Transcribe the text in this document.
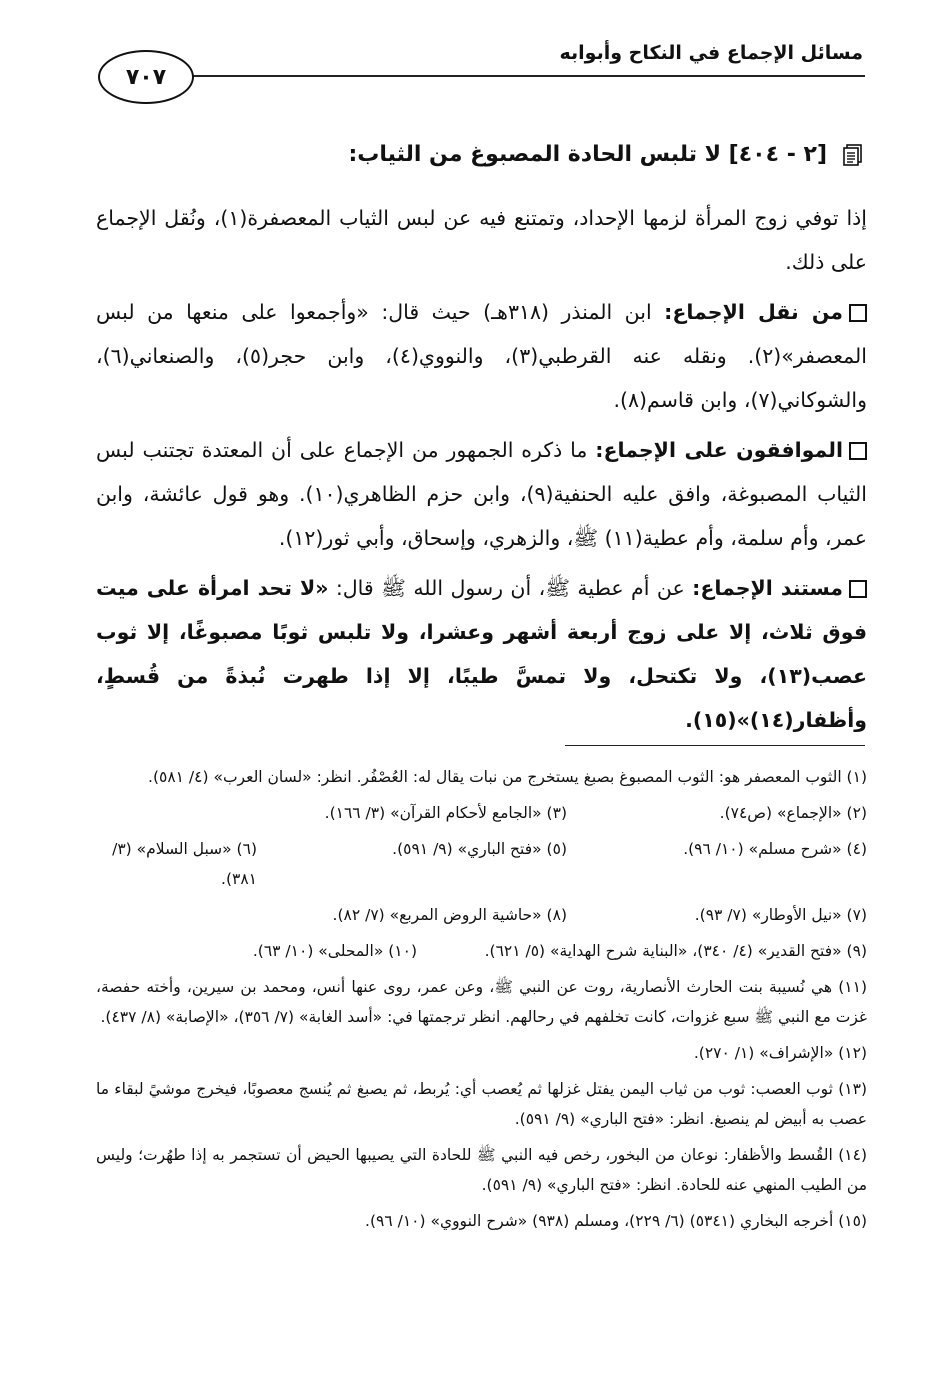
مسائل الإجماع في النكاح وأبوابه
٧٠٧
[٢ - ٤٠٤] لا تلبس الحادة المصبوغ من الثياب:

إذا توفي زوج المرأة لزمها الإحداد، وتمتنع فيه عن لبس الثياب المعصفرة(١)، ونُقل الإجماع على ذلك.

من نقل الإجماع: ابن المنذر (٣١٨هـ) حيث قال: «وأجمعوا على منعها من لبس المعصفر»(٢). ونقله عنه القرطبي(٣)، والنووي(٤)، وابن حجر(٥)، والصنعاني(٦)، والشوكاني(٧)، وابن قاسم(٨).

الموافقون على الإجماع: ما ذكره الجمهور من الإجماع على أن المعتدة تجتنب لبس الثياب المصبوغة، وافق عليه الحنفية(٩)، وابن حزم الظاهري(١٠). وهو قول عائشة، وابن عمر، وأم سلمة، وأم عطية(١١) ﷺ، والزهري، وإسحاق، وأبي ثور(١٢).

مستند الإجماع: عن أم عطية ﷺ، أن رسول الله ﷺ قال: «لا تحد امرأة على ميت فوق ثلاث، إلا على زوج أربعة أشهر وعشرا، ولا تلبس ثوبًا مصبوغًا، إلا ثوب عصب(١٣)، ولا تكتحل، ولا تمسَّ طيبًا، إلا إذا طهرت نُبذةً من قُسطٍ، وأظفار(١٤)»(١٥).

(١) الثوب المعصفر هو: الثوب المصبوغ بصبغ يستخرج من نبات يقال له: العُصْفُر. انظر: «لسان العرب» (٤/ ٥٨١).

(٢) «الإجماع» (ص٧٤).
(٣) «الجامع لأحكام القرآن» (٣/ ١٦٦).
(٤) «شرح مسلم» (١٠/ ٩٦).
(٥) «فتح الباري» (٩/ ٥٩١).
(٦) «سبل السلام» (٣/ ٣٨١).
(٧) «نيل الأوطار» (٧/ ٩٣).
(٨) «حاشية الروض المربع» (٧/ ٨٢).
(٩) «فتح القدير» (٤/ ٣٤٠)، «البناية شرح الهداية» (٥/ ٦٢١).
(١٠) «المحلى» (١٠/ ٦٣).

(١١) هي نُسيبة بنت الحارث الأنصارية، روت عن النبي ﷺ، وعن عمر، روى عنها أنس، ومحمد بن سيرين، وأخته حفصة، غزت مع النبي ﷺ سبع غزوات، كانت تخلفهم في رحالهم. انظر ترجمتها في: «أسد الغابة» (٧/ ٣٥٦)، «الإصابة» (٨/ ٤٣٧).

(١٢) «الإشراف» (١/ ٢٧٠).

(١٣) ثوب العصب: ثوب من ثياب اليمن يفتل غزلها ثم يُعصب أي: يُربط، ثم يصبغ ثم يُنسج معصوبًا، فيخرج موشيً لبقاء ما عصب به أبيض لم ينصبغ. انظر: «فتح الباري» (٩/ ٥٩١).

(١٤) القُسط والأظفار: نوعان من البخور، رخص فيه النبي ﷺ للحادة التي يصيبها الحيض أن تستجمر به إذا طهُرت؛ وليس من الطيب المنهي عنه للحادة. انظر: «فتح الباري» (٩/ ٥٩١).

(١٥) أخرجه البخاري (٥٣٤١) (٦/ ٢٢٩)، ومسلم (٩٣٨) «شرح النووي» (١٠/ ٩٦).
